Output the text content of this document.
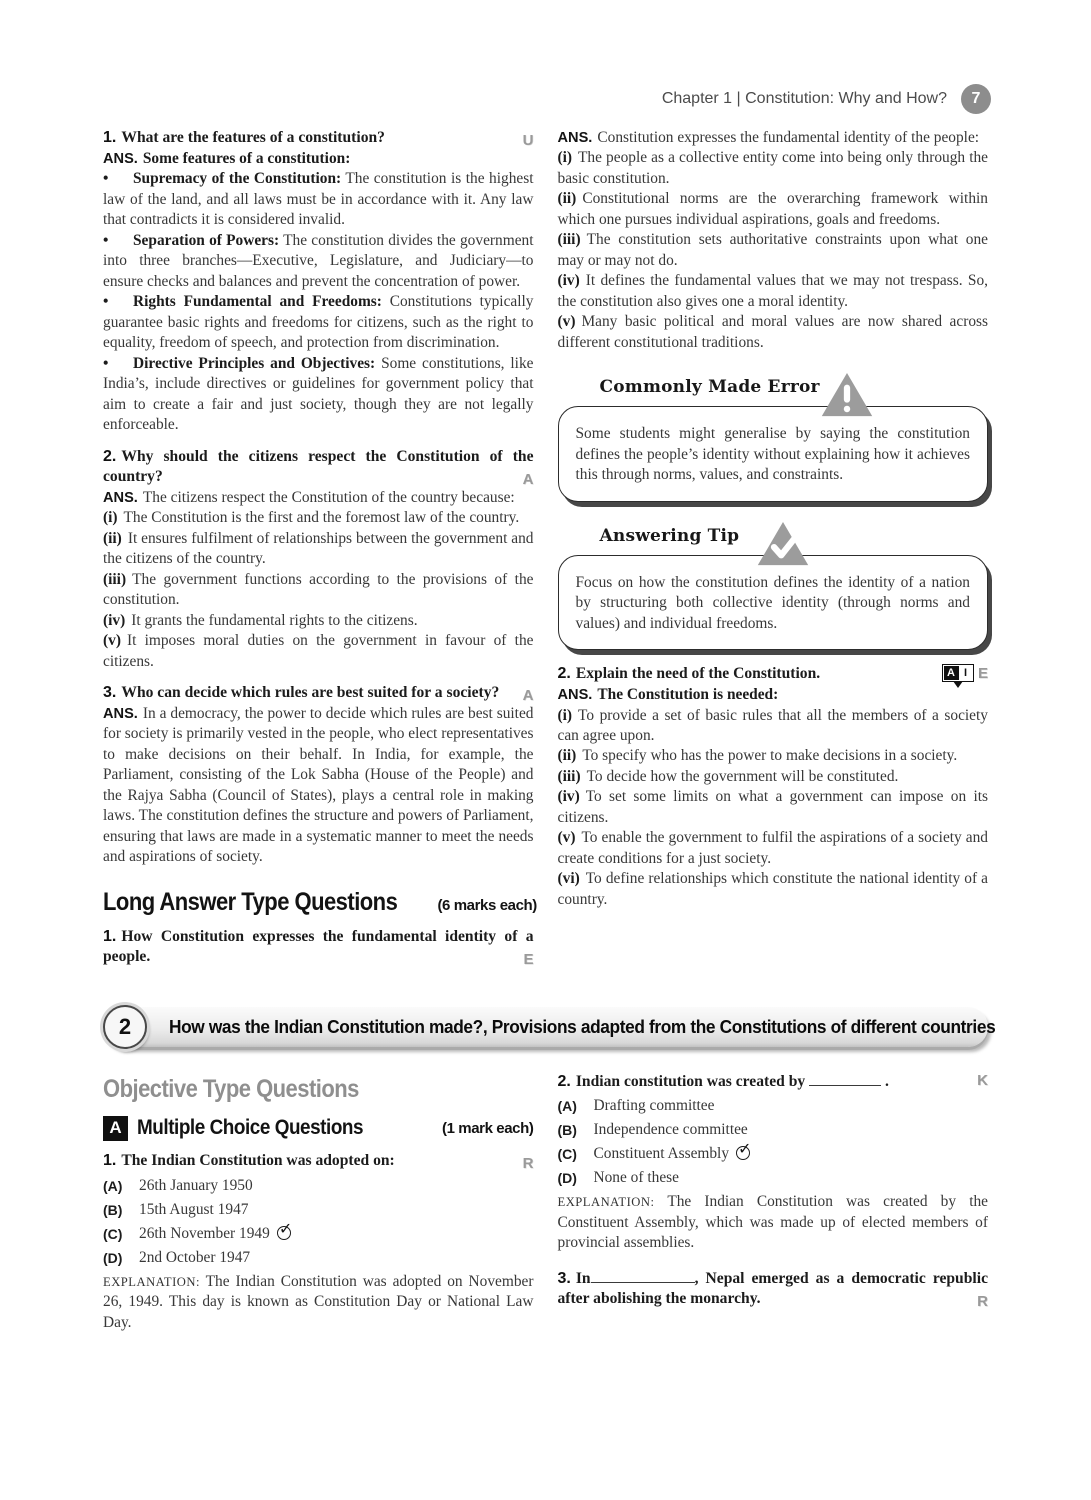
Chapter 1 | Constitution: Why and How?	7

1. What are the features of a constitution?	U

ANS. Some features of a constitution:

• Supremacy of the Constitution: The constitution is the highest law of the land, and all laws must be in accordance with it. Any law that contradicts it is considered invalid.

• Separation of Powers: The constitution divides the government into three branches—Executive, Legislature, and Judiciary—to ensure checks and balances and prevent the concentration of power.

• Rights Fundamental and Freedoms: Constitutions typically guarantee basic rights and freedoms for citizens, such as the right to equality, freedom of speech, and protection from discrimination.

• Directive Principles and Objectives: Some constitutions, like India’s, include directives or guidelines for government policy that aim to create a fair and just society, though they are not legally enforceable.

2. Why should the citizens respect the Constitution of the country?	A

ANS. The citizens respect the Constitution of the country because:

(i) The Constitution is the first and the foremost law of the country.

(ii) It ensures fulfilment of relationships between the government and the citizens of the country.

(iii) The government functions according to the provisions of the constitution.

(iv) It grants the fundamental rights to the citizens.

(v) It imposes moral duties on the government in favour of the citizens.

3. Who can decide which rules are best suited for a society? A

ANS. In a democracy, the power to decide which rules are best suited for society is primarily vested in the people, who elect representatives to make decisions on their behalf. In India, for example, the Parliament, consisting of the Lok Sabha (House of the People) and the Rajya Sabha (Council of States), plays a central role in making laws. The constitution defines the structure and powers of Parliament, ensuring that laws are made in a systematic manner to meet the needs and aspirations of society.

Long Answer Type Questions	(6 marks each)

1. How Constitution expresses the fundamental identity of a people.	E

ANS. Constitution expresses the fundamental identity of the people:

(i) The people as a collective entity come into being only through the basic constitution.

(ii) Constitutional norms are the overarching framework within which one pursues individual aspirations, goals and freedoms.

(iii) The constitution sets authoritative constraints upon what one may or may not do.

(iv) It defines the fundamental values that we may not trespass. So, the constitution also gives one a moral identity.

(v) Many basic political and moral values are now shared across different constitutional traditions.

Commonly Made Error

Some students might generalise by saying the constitution defines the people’s identity without explaining how it achieves this through norms, values, and constraints.

Answering Tip

Focus on how the constitution defines the identity of a nation by structuring both collective identity (through norms and values) and individual freedoms.

2. Explain the need of the Constitution.	A I E

ANS. The Constitution is needed:

(i) To provide a set of basic rules that all the members of a society can agree upon.

(ii) To specify who has the power to make decisions in a society.

(iii) To decide how the government will be constituted.

(iv) To set some limits on what a government can impose on its citizens.

(v) To enable the government to fulfil the aspirations of a society and create conditions for a just society.

(vi) To define relationships which constitute the national identity of a country.

2	How was the Indian Constitution made?, Provisions adapted from the Constitutions of different countries
Objective Type Questions
A Multiple Choice Questions	(1 mark each)

1. The Indian Constitution was adopted on:	R

(A)	26th January 1950
(B)	15th August 1947
(C)	26th November 1949✓
(D)	2nd October 1947

EXPLANATION: The Indian Constitution was adopted on November 26, 1949. This day is known as Constitution Day or National Law Day.

2. Indian constitution was created by	.	K

(A)	Drafting committee
(B)	Independence committee
(C)	Constituent Assembly✓
(D)	None of these

EXPLANATION: The Indian Constitution was created by the Constituent Assembly, which was made up of elected members of provincial assemblies.

3. In	, Nepal emerged as a democratic republic after abolishing the monarchy.	R
